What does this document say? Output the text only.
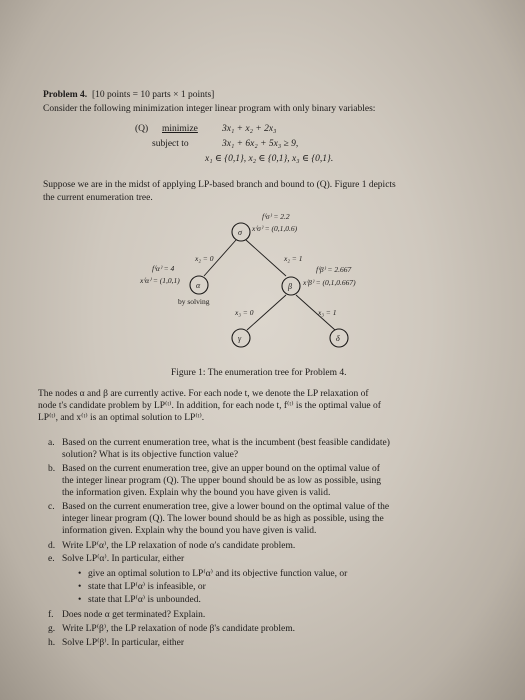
Problem 4. [10 points = 10 parts × 1 points]
Consider the following minimization integer linear program with only binary variables:
(Q) minimize	3x₁ + x₂ + 2x₃
subject to	3x₁ + 6x₂ + 5x₃ ≥ 9,
x₁ ∈ {0,1}, x₂ ∈ {0,1}, x₃ ∈ {0,1}.
Suppose we are in the midst of applying LP-based branch and bound to (Q). Figure 1 depicts
the current enumeration tree.
σ
α	β
γ	δ
f⁽σ⁾ = 2.2
x⁽σ⁾ = (0,1,0.6)
f⁽α⁾ = 4
x⁽α⁾ = (1,0,1)
f⁽β⁾ = 2.667
x⁽β⁾ = (0,1,0.667)
x₂ = 0	x₂ = 1
x₃ = 0	x₃ = 1
by solving
Figure 1: The enumeration tree for Problem 4.
The nodes α and β are currently active. For each node t, we denote the LP relaxation of
node t's candidate problem by LP⁽ᵗ⁾. In addition, for each node t, f⁽ᵗ⁾ is the optimal value of
LP⁽ᵗ⁾, and x⁽ᵗ⁾ is an optimal solution to LP⁽ᵗ⁾.
a. Based on the current enumeration tree, what is the incumbent (best feasible candidate)
solution? What is its objective function value?
b. Based on the current enumeration tree, give an upper bound on the optimal value of
the integer linear program (Q). The upper bound should be as low as possible, using
the information given. Explain why the bound you have given is valid.
c. Based on the current enumeration tree, give a lower bound on the optimal value of the
integer linear program (Q). The lower bound should be as high as possible, using the
information given. Explain why the bound you have given is valid.
d. Write LP⁽α⁾, the LP relaxation of node α's candidate problem.
e. Solve LP⁽α⁾. In particular, either
• give an optimal solution to LP⁽α⁾ and its objective function value, or
• state that LP⁽α⁾ is infeasible, or
• state that LP⁽α⁾ is unbounded.
f. Does node α get terminated? Explain.
g. Write LP⁽β⁾, the LP relaxation of node β's candidate problem.
h. Solve LP⁽β⁾. In particular, either
